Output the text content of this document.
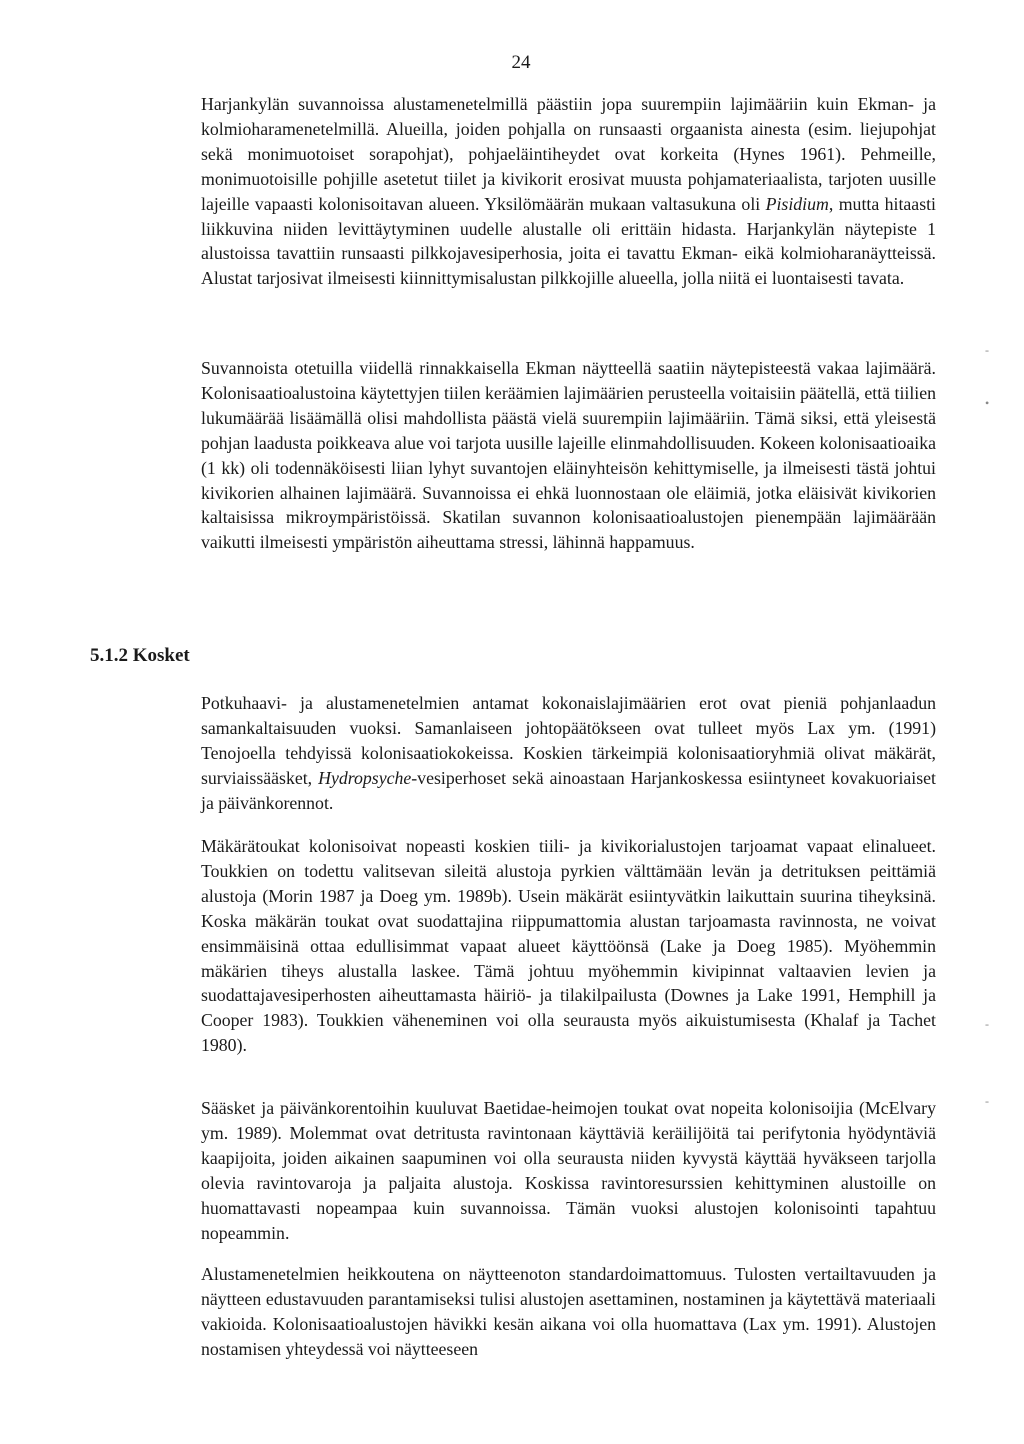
24

Harjankylän suvannoissa alustamenetelmillä päästiin jopa suurempiin lajimääriin kuin Ekman- ja kolmioharamenetelmillä. Alueilla, joiden pohjalla on runsaasti orgaanista ainesta (esim. liejupohjat sekä monimuotoiset sorapohjat), pohjaeläintiheydet ovat korkeita (Hynes 1961). Pehmeille, monimuotoisille pohjille asetetut tiilet ja kivikorit erosivat muusta pohjamateriaalista, tarjoten uusille lajeille vapaasti kolonisoitavan alueen. Yksilömäärän mukaan valtasukuna oli Pisidium, mutta hitaasti liikkuvina niiden levittäytyminen uudelle alustalle oli erittäin hidasta. Harjankylän näytepiste 1 alustoissa tavattiin runsaasti pilkkojavesiperhosia, joita ei tavattu Ekman- eikä kolmioharanäytteissä. Alustat tarjosivat ilmeisesti kiinnittymisalustan pilkkojille alueella, jolla niitä ei luontaisesti tavata.

Suvannoista otetuilla viidellä rinnakkaisella Ekman näytteellä saatiin näytepisteestä vakaa lajimäärä. Kolonisaatioalustoina käytettyjen tiilen keräämien lajimäärien perusteella voitaisiin päätellä, että tiilien lukumäärää lisäämällä olisi mahdollista päästä vielä suurempiin lajimääriin. Tämä siksi, että yleisestä pohjan laadusta poikkeava alue voi tarjota uusille lajeille elinmahdollisuuden. Kokeen kolonisaatioaika (1 kk) oli todennäköisesti liian lyhyt suvantojen eläinyhteisön kehittymiselle, ja ilmeisesti tästä johtui kivikorien alhainen lajimäärä. Suvannoissa ei ehkä luonnostaan ole eläimiä, jotka eläisivät kivikorien kaltaisissa mikroympäristöissä. Skatilan suvannon kolonisaatioalustojen pienempään lajimäärään vaikutti ilmeisesti ympäristön aiheuttama stressi, lähinnä happamuus.

5.1.2 Kosket

Potkuhaavi- ja alustamenetelmien antamat kokonaislajimäärien erot ovat pieniä pohjanlaadun samankaltaisuuden vuoksi. Samanlaiseen johtopäätökseen ovat tulleet myös Lax ym. (1991) Tenojoella tehdyissä kolonisaatiokokeissa. Koskien tärkeimpiä kolonisaatioryhmiä olivat mäkärät, surviaissääsket, Hydropsyche-vesiperhoset sekä ainoastaan Harjankoskessa esiintyneet kovakuoriaiset ja päivänkorennot.

Mäkärätoukat kolonisoivat nopeasti koskien tiili- ja kivikorialustojen tarjoamat vapaat elinalueet. Toukkien on todettu valitsevan sileitä alustoja pyrkien välttämään levän ja detrituksen peittämiä alustoja (Morin 1987 ja Doeg ym. 1989b). Usein mäkärät esiintyvätkin laikuttain suurina tiheyksinä. Koska mäkärän toukat ovat suodattajina riippumattomia alustan tarjoamasta ravinnosta, ne voivat ensimmäisinä ottaa edullisimmat vapaat alueet käyttöönsä (Lake ja Doeg 1985). Myöhemmin mäkärien tiheys alustalla laskee. Tämä johtuu myöhemmin kivipinnat valtaavien levien ja suodattajavesiperhosten aiheuttamasta häiriö- ja tilakilpailusta (Downes ja Lake 1991, Hemphill ja Cooper 1983). Toukkien väheneminen voi olla seurausta myös aikuistumisesta (Khalaf ja Tachet 1980).

Sääsket ja päivänkorentoihin kuuluvat Baetidae-heimojen toukat ovat nopeita kolonisoijia (McElvary ym. 1989). Molemmat ovat detritusta ravintonaan käyttäviä keräilijöitä tai perifytonia hyödyntäviä kaapijoita, joiden aikainen saapuminen voi olla seurausta niiden kyvystä käyttää hyväkseen tarjolla olevia ravintovaroja ja paljaita alustoja. Koskissa ravintoresurssien kehittyminen alustoille on huomattavasti nopeampaa kuin suvannoissa. Tämän vuoksi alustojen kolonisointi tapahtuu nopeammin.

Alustamenetelmien heikkoutena on näytteenoton standardoimattomuus. Tulosten vertailtavuuden ja näytteen edustavuuden parantamiseksi tulisi alustojen asettaminen, nostaminen ja käytettävä materiaali vakioida. Kolonisaatioalustojen hävikki kesän aikana voi olla huomattava (Lax ym. 1991). Alustojen nostamisen yhteydessä voi näytteeseen

-
•
-
-
